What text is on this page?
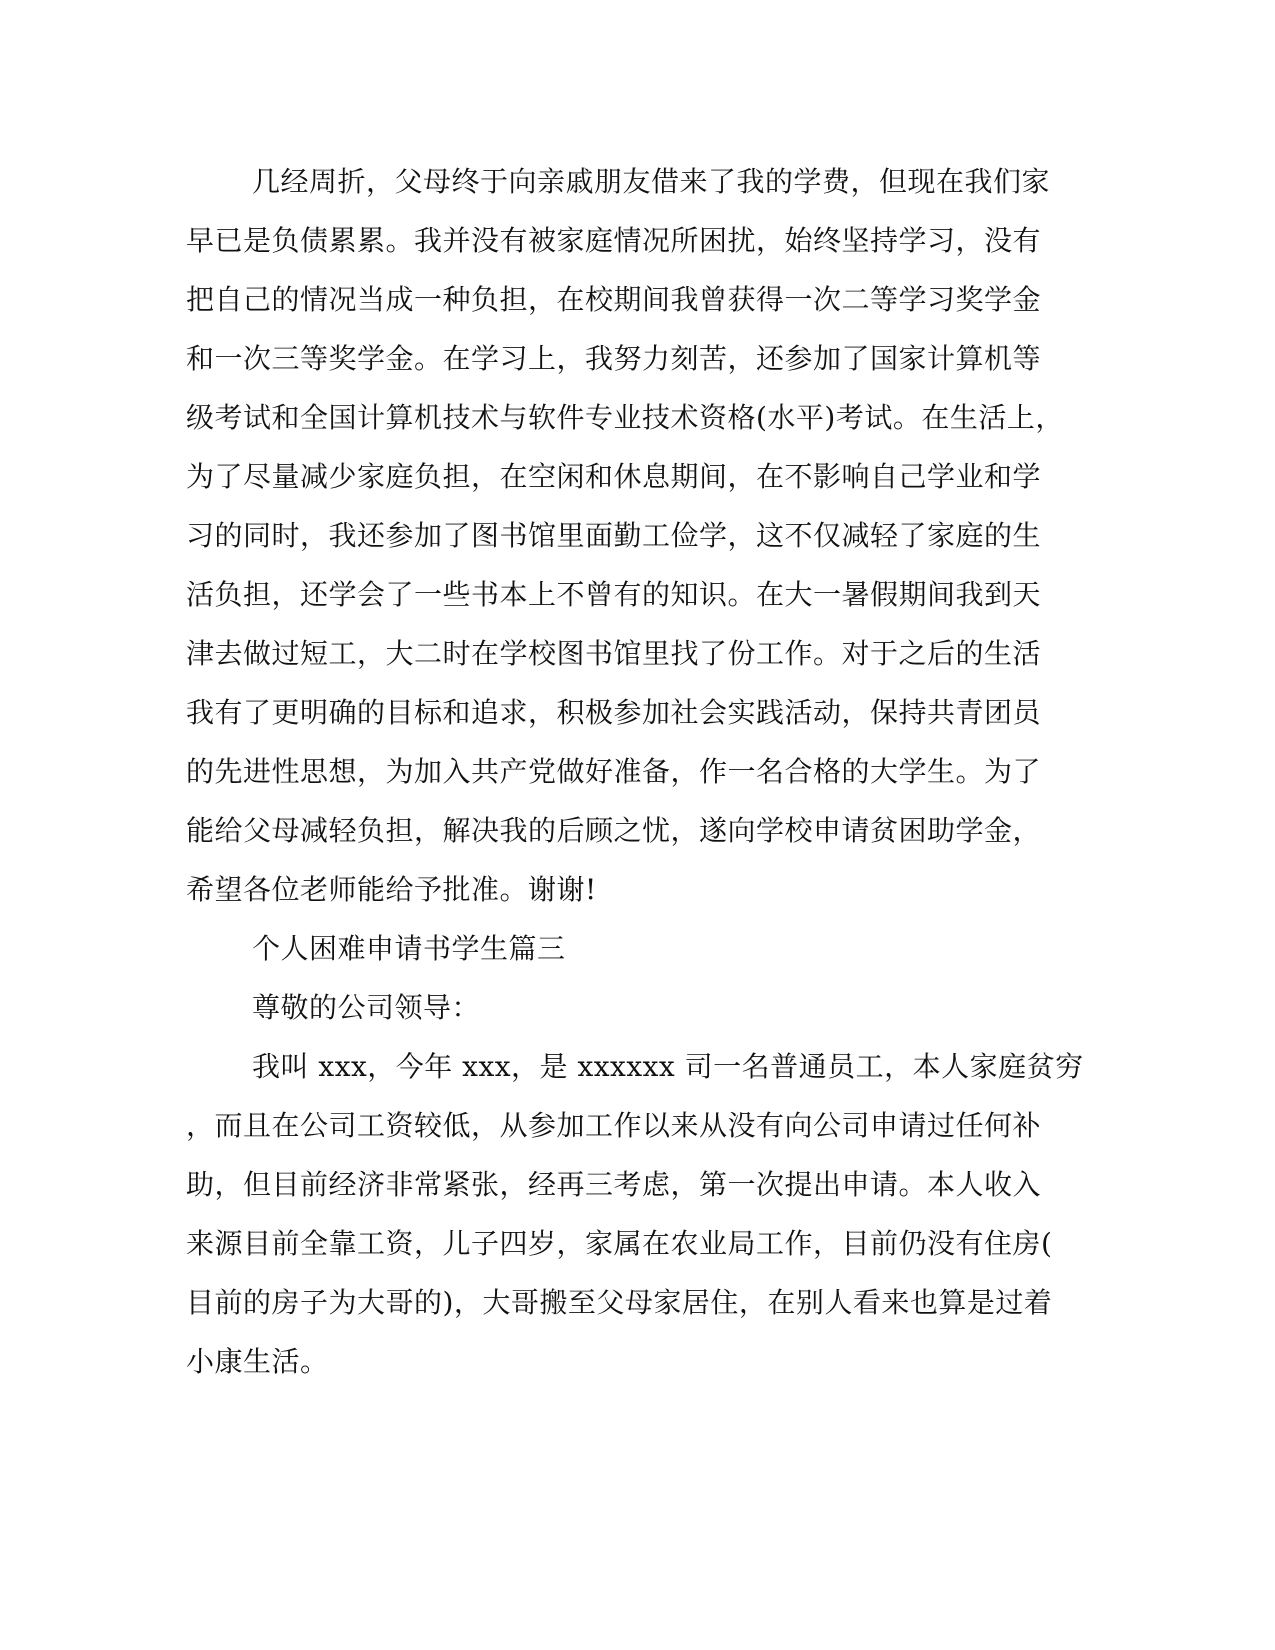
几经周折，父母终于向亲戚朋友借来了我的学费，但现在我们家

早已是负债累累。我并没有被家庭情况所困扰，始终坚持学习，没有

把自己的情况当成一种负担，在校期间我曾获得一次二等学习奖学金

和一次三等奖学金。在学习上，我努力刻苦，还参加了国家计算机等

级考试和全国计算机技术与软件专业技术资格(水平)考试。在生活上，

为了尽量减少家庭负担，在空闲和休息期间，在不影响自己学业和学

习的同时，我还参加了图书馆里面勤工俭学，这不仅减轻了家庭的生

活负担，还学会了一些书本上不曾有的知识。在大一暑假期间我到天

津去做过短工，大二时在学校图书馆里找了份工作。对于之后的生活

我有了更明确的目标和追求，积极参加社会实践活动，保持共青团员

的先进性思想，为加入共产党做好准备，作一名合格的大学生。为了

能给父母减轻负担，解决我的后顾之忧，遂向学校申请贫困助学金，

希望各位老师能给予批准。谢谢!

个人困难申请书学生篇三

尊敬的公司领导：

我叫 xxx，今年 xxx，是 xxxxxx 司一名普通员工，本人家庭贫穷

，而且在公司工资较低，从参加工作以来从没有向公司申请过任何补

助，但目前经济非常紧张，经再三考虑，第一次提出申请。本人收入

来源目前全靠工资，儿子四岁，家属在农业局工作，目前仍没有住房(

目前的房子为大哥的)，大哥搬至父母家居住，在别人看来也算是过着

小康生活。
